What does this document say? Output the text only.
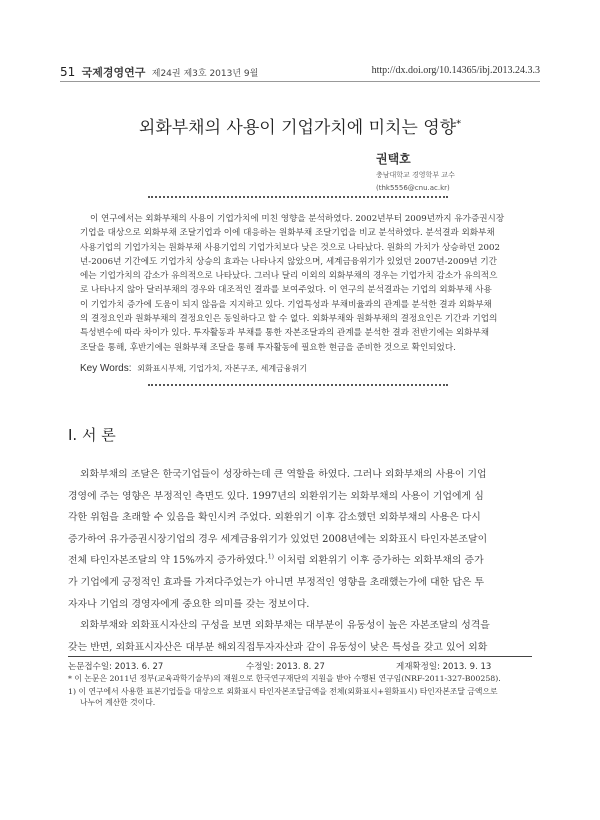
51 국제경영연구 제24권 제3호 2013년 9월	http://dx.doi.org/10.14365/ibj.2013.24.3.3
외화부채의 사용이 기업가치에 미치는 영향*
권택호
충남대학교 경영학부 교수
(thk5556@cnu.ac.kr)

이 연구에서는 외화부채의 사용이 기업가치에 미친 영향을 분석하였다. 2002년부터 2009년까지 유가증권시장

기업을 대상으로 외화부채 조달기업과 이에 대응하는 원화부채 조달기업을 비교 분석하였다. 분석결과 외화부채
사용기업의 기업가치는 원화부채 사용기업의 기업가치보다 낮은 것으로 나타났다. 원화의 가치가 상승하던 2002
년-2006년 기간에도 기업가치 상승의 효과는 나타나지 않았으며, 세계금융위기가 있었던 2007년-2009년 기간
에는 기업가치의 감소가 유의적으로 나타났다. 그러나 달리 이외의 외화부채의 경우는 기업가치 감소가 유의적으
로 나타나지 않아 달러부채의 경우와 대조적인 결과를 보여주었다. 이 연구의 분석결과는 기업의 외화부채 사용
이 기업가치 증가에 도움이 되지 않음을 지지하고 있다. 기업특성과 부채비율과의 관계를 분석한 결과 외화부채
의 결정요인과 원화부채의 결정요인은 동일하다고 할 수 없다. 외화부채와 원화부채의 결정요인은 기간과 기업의
특성변수에 따라 차이가 있다. 투자활동과 부채를 통한 자본조달과의 관계를 분석한 결과 전반기에는 외화부채
조달을 통해, 후반기에는 원화부채 조달을 통해 투자활동에 필요한 현금을 준비한 것으로 확인되었다.
Key Words: 외화표시부채, 기업가치, 자본구조, 세계금융위기
Ⅰ. 서 론

외화부채의 조달은 한국기업들이 성장하는데 큰 역할을 하였다. 그러나 외화부채의 사용이 기업

경영에 주는 영향은 부정적인 측면도 있다. 1997년의 외환위기는 외화부채의 사용이 기업에게 심
각한 위험을 초래할 수 있음을 확인시켜 주었다. 외환위기 이후 감소했던 외화부채의 사용은 다시
증가하여 유가증권시장기업의 경우 세계금융위기가 있었던 2008년에는 외화표시 타인자본조달이
전체 타인자본조달의 약 15%까지 증가하였다.$^{1)}$ 이처럼 외환위기 이후 증가하는 외화부채의 증가
가 기업에게 긍정적인 효과를 가져다주었는가 아니면 부정적인 영향을 초래했는가에 대한 답은 투
자자나 기업의 경영자에게 중요한 의미를 갖는 정보이다.

외화부채와 외화표시자산의 구성을 보면 외화부채는 대부분이 유동성이 높은 자본조달의 성격을

갖는 반면, 외화표시자산은 대부분 해외직접투자자산과 같이 유동성이 낮은 특성을 갖고 있어 외화
논문접수일: 2013. 6. 27	수정일: 2013. 8. 27	게재확정일: 2013. 9. 13
* 이 논문은 2011년 정부(교육과학기술부)의 재원으로 한국연구재단의 지원을 받아 수행된 연구임(NRF-2011-327-B00258).
1) 이 연구에서 사용한 표본기업들을 대상으로 외화표시 타인자본조달금액을 전체(외화표시+원화표시) 타인자본조달 금액으로
나누어 계산한 것이다.
